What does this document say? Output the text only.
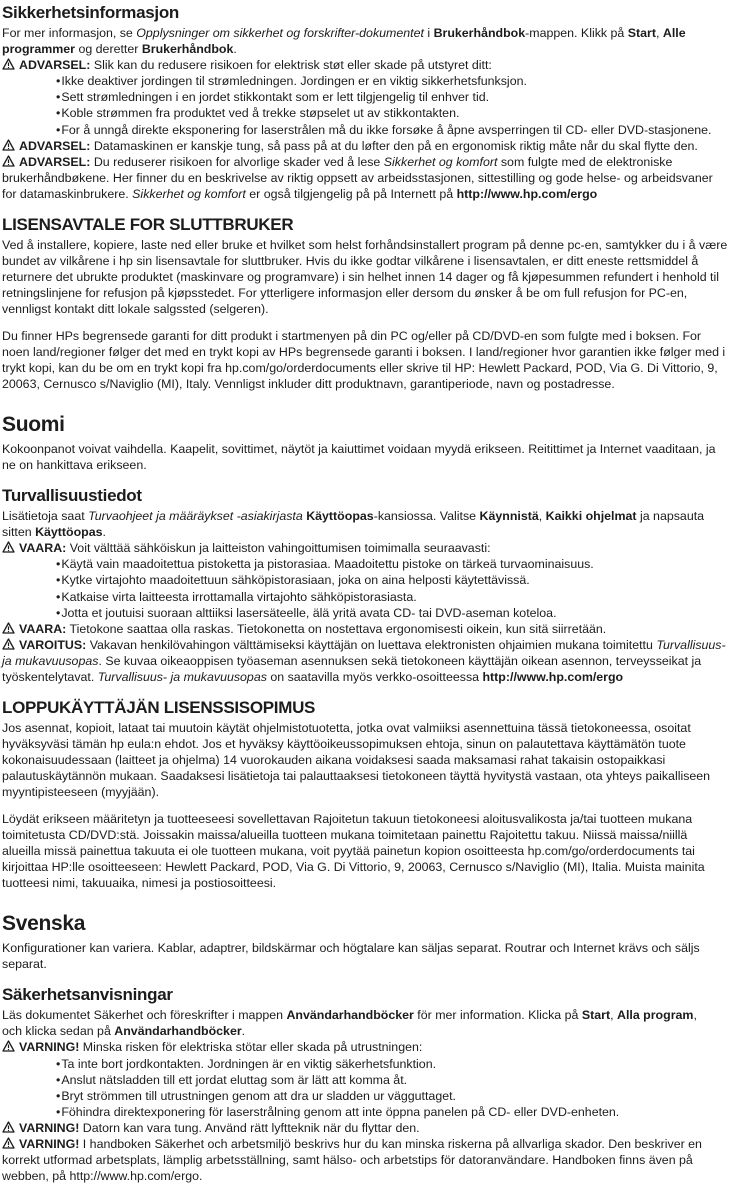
Sikkerhetsinformasjon

For mer informasjon, se Opplysninger om sikkerhet og forskrifter-dokumentet i Brukerhåndbok-mappen. Klikk på Start, Alle programmer og deretter Brukerhåndbok.

ADVARSEL: Slik kan du redusere risikoen for elektrisk støt eller skade på utstyret ditt:

•Ikke deaktiver jordingen til strømledningen. Jordingen er en viktig sikkerhetsfunksjon.

•Sett strømledningen i en jordet stikkontakt som er lett tilgjengelig til enhver tid.

•Koble strømmen fra produktet ved å trekke støpselet ut av stikkontakten.

•For å unngå direkte eksponering for laserstrålen må du ikke forsøke å åpne avsperringen til CD- eller DVD-stasjonene.

ADVARSEL: Datamaskinen er kanskje tung, så pass på at du løfter den på en ergonomisk riktig måte når du skal flytte den.

ADVARSEL: Du reduserer risikoen for alvorlige skader ved å lese Sikkerhet og komfort som fulgte med de elektroniske brukerhåndbøkene. Her finner du en beskrivelse av riktig oppsett av arbeidsstasjonen, sittestilling og gode helse- og arbeidsvaner for datamaskinbrukere. Sikkerhet og komfort er også tilgjengelig på på Internett på http://www.hp.com/ergo

LISENSAVTALE FOR SLUTTBRUKER

Ved å installere, kopiere, laste ned eller bruke et hvilket som helst forhåndsinstallert program på denne pc-en, samtykker du i å være bundet av vilkårene i hp sin lisensavtale for sluttbruker. Hvis du ikke godtar vilkårene i lisensavtalen, er ditt eneste rettsmiddel å returnere det ubrukte produktet (maskinvare og programvare) i sin helhet innen 14 dager og få kjøpesummen refundert i henhold til retningslinjene for refusjon på kjøpsstedet. For ytterligere informasjon eller dersom du ønsker å be om full refusjon for PC-en, vennligst kontakt ditt lokale salgssted (selgeren).

Du finner HPs begrensede garanti for ditt produkt i startmenyen på din PC og/eller på CD/DVD-en som fulgte med i boksen. For noen land/regioner følger det med en trykt kopi av HPs begrensede garanti i boksen. I land/regioner hvor garantien ikke følger med i trykt kopi, kan du be om en trykt kopi fra hp.com/go/orderdocuments eller skrive til HP: Hewlett Packard, POD, Via G. Di Vittorio, 9, 20063, Cernusco s/Naviglio (MI), Italy. Vennligst inkluder ditt produktnavn, garantiperiode, navn og postadresse.

Suomi

Kokoonpanot voivat vaihdella. Kaapelit, sovittimet, näytöt ja kaiuttimet voidaan myydä erikseen. Reitittimet ja Internet vaaditaan, ja ne on hankittava erikseen.

Turvallisuustiedot

Lisätietoja saat Turvaohjeet ja määräykset -asiakirjasta Käyttöopas-kansiossa. Valitse Käynnistä, Kaikki ohjelmat ja napsauta sitten Käyttöopas.

VAARA: Voit välttää sähköiskun ja laitteiston vahingoittumisen toimimalla seuraavasti:

•Käytä vain maadoitettua pistoketta ja pistorasiaa. Maadoitettu pistoke on tärkeä turvaominaisuus.

•Kytke virtajohto maadoitettuun sähköpistorasiaan, joka on aina helposti käytettävissä.

•Katkaise virta laitteesta irrottamalla virtajohto sähköpistorasiasta.

•Jotta et joutuisi suoraan alttiiksi lasersäteelle, älä yritä avata CD- tai DVD-aseman koteloa.

VAARA: Tietokone saattaa olla raskas. Tietokonetta on nostettava ergonomisesti oikein, kun sitä siirretään.

VAROITUS: Vakavan henkilövahingon välttämiseksi käyttäjän on luettava elektronisten ohjaimien mukana toimitettu Turvallisuus- ja mukavuusopas. Se kuvaa oikeaoppisen työaseman asennuksen sekä tietokoneen käyttäjän oikean asennon, terveysseikat ja työskentelytavat. Turvallisuus- ja mukavuusopas on saatavilla myös verkko-osoitteessa http://www.hp.com/ergo

LOPPUKÄYTTÄJÄN LISENSSISOPIMUS

Jos asennat, kopioit, lataat tai muutoin käytät ohjelmistotuotetta, jotka ovat valmiiksi asennettuina tässä tietokoneessa, osoitat hyväksyväsi tämän hp eula:n ehdot. Jos et hyväksy käyttöoikeussopimuksen ehtoja, sinun on palautettava käyttämätön tuote kokonaisuudessaan (laitteet ja ohjelma) 14 vuorokauden aikana voidaksesi saada maksamasi rahat takaisin ostopaikkasi palautuskäytännön mukaan. Saadaksesi lisätietoja tai palauttaaksesi tietokoneen täyttä hyvitystä vastaan, ota yhteys paikalliseen myyntipisteeseen (myyjään).

Löydät erikseen määritetyn ja tuotteeseesi sovellettavan Rajoitetun takuun tietokoneesi aloitusvalikosta ja/tai tuotteen mukana toimitetusta CD/DVD:stä. Joissakin maissa/alueilla tuotteen mukana toimitetaan painettu Rajoitettu takuu. Niissä maissa/niillä alueilla missä painettua takuuta ei ole tuotteen mukana, voit pyytää painetun kopion osoitteesta hp.com/go/orderdocuments tai kirjoittaa HP:lle osoitteeseen: Hewlett Packard, POD, Via G. Di Vittorio, 9, 20063, Cernusco s/Naviglio (MI), Italia. Muista mainita tuotteesi nimi, takuuaika, nimesi ja postiosoitteesi.

Svenska

Konfigurationer kan variera. Kablar, adaptrer, bildskärmar och högtalare kan säljas separat. Routrar och Internet krävs och säljs separat.

Säkerhetsanvisningar

Läs dokumentet Säkerhet och föreskrifter i mappen Användarhandböcker för mer information. Klicka på Start, Alla program,
och klicka sedan på Användarhandböcker.

VARNING! Minska risken för elektriska stötar eller skada på utrustningen:

•Ta inte bort jordkontakten. Jordningen är en viktig säkerhetsfunktion.

•Anslut nätsladden till ett jordat eluttag som är lätt att komma åt.

•Bryt strömmen till utrustningen genom att dra ur sladden ur vägguttaget.

•Föhindra direktexponering för laserstrålning genom att inte öppna panelen på CD- eller DVD-enheten.

VARNING! Datorn kan vara tung. Använd rätt lyftteknik när du flyttar den.

VARNING! I handboken Säkerhet och arbetsmiljö beskrivs hur du kan minska riskerna på allvarliga skador. Den beskriver en korrekt utformad arbetsplats, lämplig arbetsställning, samt hälso- och arbetstips för datoranvändare. Handboken finns även på webben, på http://www.hp.com/ergo.
